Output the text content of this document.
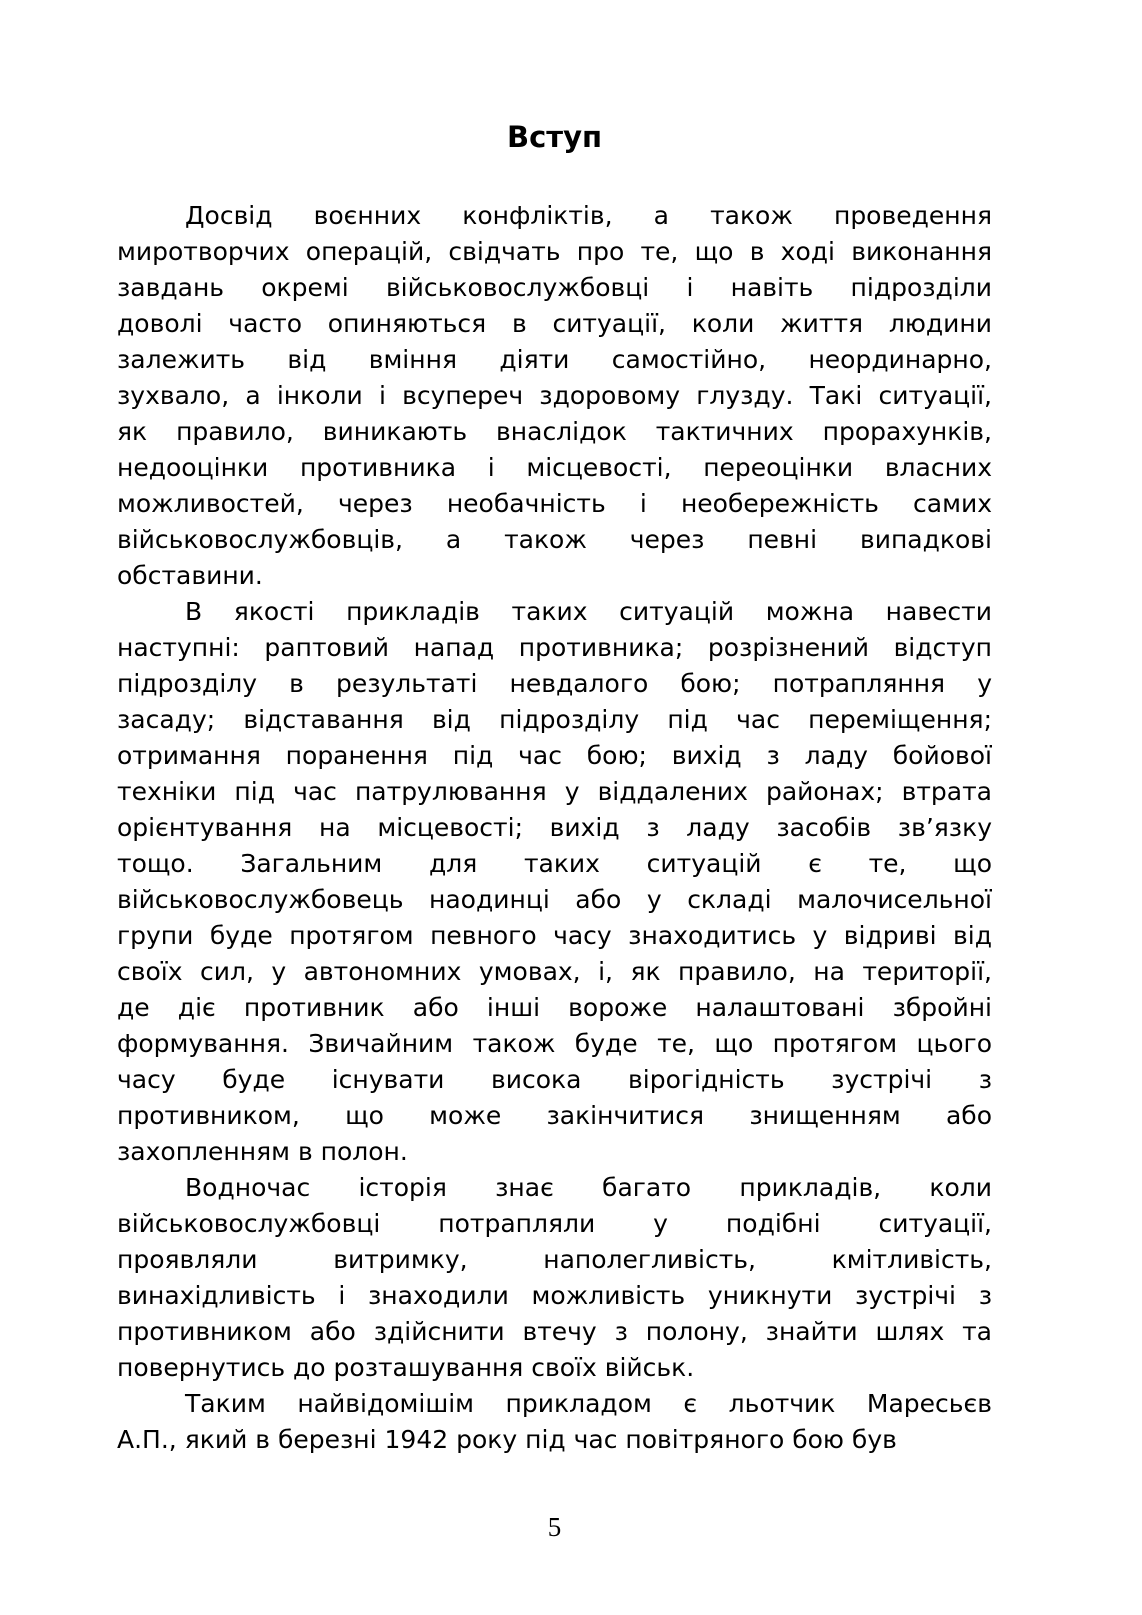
Вступ
Досвід воєнних конфліктів, а також проведення
миротворчих операцій, свідчать про те, що в ході виконання
завдань окремі військовослужбовці і навіть підрозділи
доволі часто опиняються в ситуації, коли життя людини
залежить від вміння діяти самостійно, неординарно,
зухвало, а інколи і всупереч здоровому глузду. Такі ситуації,
як правило, виникають внаслідок тактичних прорахунків,
недооцінки противника і місцевості, переоцінки власних
можливостей, через необачність і необережність самих
військовослужбовців, а також через певні випадкові
обставини.
В якості прикладів таких ситуацій можна навести
наступні: раптовий напад противника; розрізнений відступ
підрозділу в результаті невдалого бою; потрапляння у
засаду; відставання від підрозділу під час переміщення;
отримання поранення під час бою; вихід з ладу бойової
техніки під час патрулювання у віддалених районах; втрата
орієнтування на місцевості; вихід з ладу засобів зв’язку
тощо. Загальним для таких ситуацій є те, що
військовослужбовець наодинці або у складі малочисельної
групи буде протягом певного часу знаходитись у відриві від
своїх сил, у автономних умовах, і, як правило, на території,
де діє противник або інші вороже налаштовані збройні
формування. Звичайним також буде те, що протягом цього
часу буде існувати висока вірогідність зустрічі з
противником, що може закінчитися знищенням або
захопленням в полон.
Водночас історія знає багато прикладів, коли
військовослужбовці потрапляли у подібні ситуації,
проявляли витримку, наполегливість, кмітливість,
винахідливість і знаходили можливість уникнути зустрічі з
противником або здійснити втечу з полону, знайти шлях та
повернутись до розташування своїх військ.
Таким найвідомішім прикладом є льотчик Маресьєв
А.П., який в березні 1942 року під час повітряного бою був
5
